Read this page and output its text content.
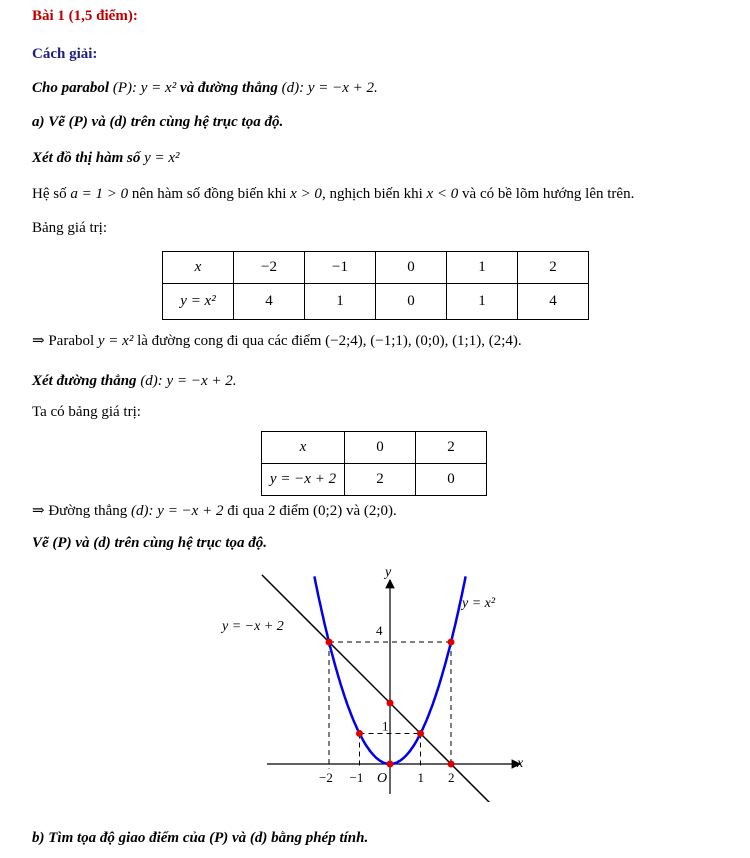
Bài 1 (1,5 điểm):
Cách giải:
Cho parabol (P): y = x² và đường thẳng (d): y = −x + 2.
a) Vẽ (P) và (d) trên cùng hệ trục tọa độ.
Xét đồ thị hàm số y = x²
Hệ số a = 1 > 0 nên hàm số đồng biến khi x > 0, nghịch biến khi x < 0 và có bề lõm hướng lên trên.
Bảng giá trị:
x	−2	−1	0	1	2
y = x²	4	1	0	1	4
⇒ Parabol y = x² là đường cong đi qua các điểm (−2;4), (−1;1), (0;0), (1;1), (2;4).
Xét đường thẳng (d): y = −x + 2.
Ta có bảng giá trị:
x	0	2
y = −x + 2	2	0
⇒ Đường thẳng (d): y = −x + 2 đi qua 2 điểm (0;2) và (2;0).
Vẽ (P) và (d) trên cùng hệ trục tọa độ.
x
y
O
−2 −1	1 2
1
4
y = x²
y = −x + 2
b) Tìm tọa độ giao điểm của (P) và (d) bằng phép tính.
